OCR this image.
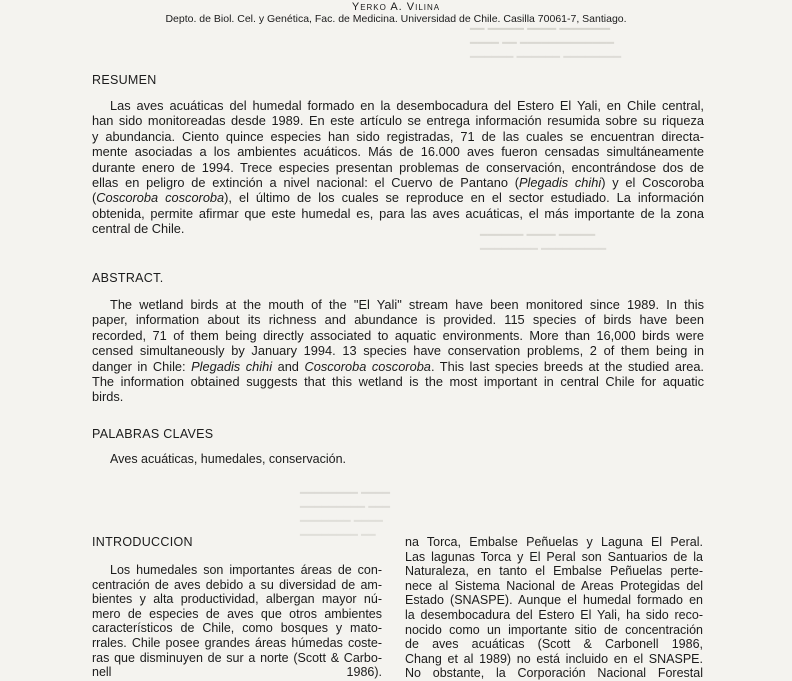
━━ ━━━━━ ━━━━ ━━━━━━━
━━━━ ━━ ━━━━━━━━━━━━━
━━━━━━ ━━━━━━ ━━━━━━━━
━━━━━━ ━━━━ ━━━━━
━━━━━━━━ ━━━━━━━━━
━━━━━━━━ ━━━━
━━━━━━━━━ ━━━
━━━━━━━ ━━━━
━━━━━━━━ ━━
Yerko A. Vilina
Depto. de Biol. Cel. y Genética, Fac. de Medicina. Universidad de Chile. Casilla 70061-7, Santiago.
RESUMEN
Las aves acuáticas del humedal formado en la desembocadura del Estero El Yali, en Chile central,
han sido monitoreadas desde 1989. En este artículo se entrega información resumida sobre su riqueza
y abundancia. Ciento quince especies han sido registradas, 71 de las cuales se encuentran directa-
mente asociadas a los ambientes acuáticos. Más de 16.000 aves fueron censadas simultáneamente
durante enero de 1994. Trece especies presentan problemas de conservación, encontrándose dos de
ellas en peligro de extinción a nivel nacional: el Cuervo de Pantano (Plegadis chihi) y el Coscoroba
(Coscoroba coscoroba), el último de los cuales se reproduce en el sector estudiado. La información
obtenida, permite afirmar que este humedal es, para las aves acuáticas, el más importante de la zona
central de Chile.
ABSTRACT.
The wetland birds at the mouth of the "El Yali" stream have been monitored since 1989. In this
paper, information about its richness and abundance is provided. 115 species of birds have been
recorded, 71 of them being directly associated to aquatic environments. More than 16,000 birds were
censed simultaneously by January 1994. 13 species have conservation problems, 2 of them being in
danger in Chile: Plegadis chihi and Coscoroba coscoroba. This last species breeds at the studied area.
The information obtained suggests that this wetland is the most important in central Chile for aquatic
birds.
PALABRAS CLAVES
Aves acuáticas, humedales, conservación.
INTRODUCCION
Los humedales son importantes áreas de con-
centración de aves debido a su diversidad de am-
bientes y alta productividad, albergan mayor nú-
mero de especies de aves que otros ambientes
característicos de Chile, como bosques y mato-
rrales. Chile posee grandes áreas húmedas coste-
ras que disminuyen de sur a norte (Scott & Carbo-
nell 1986).
na Torca, Embalse Peñuelas y Laguna El Peral.
Las lagunas Torca y El Peral son Santuarios de la
Naturaleza, en tanto el Embalse Peñuelas perte-
nece al Sistema Nacional de Areas Protegidas del
Estado (SNASPE). Aunque el humedal formado en
la desembocadura del Estero El Yali, ha sido reco-
nocido como un importante sitio de concentración
de aves acuáticas (Scott & Carbonell 1986,
Chang et al 1989) no está incluido en el SNASPE.
No obstante, la Corporación Nacional Forestal
